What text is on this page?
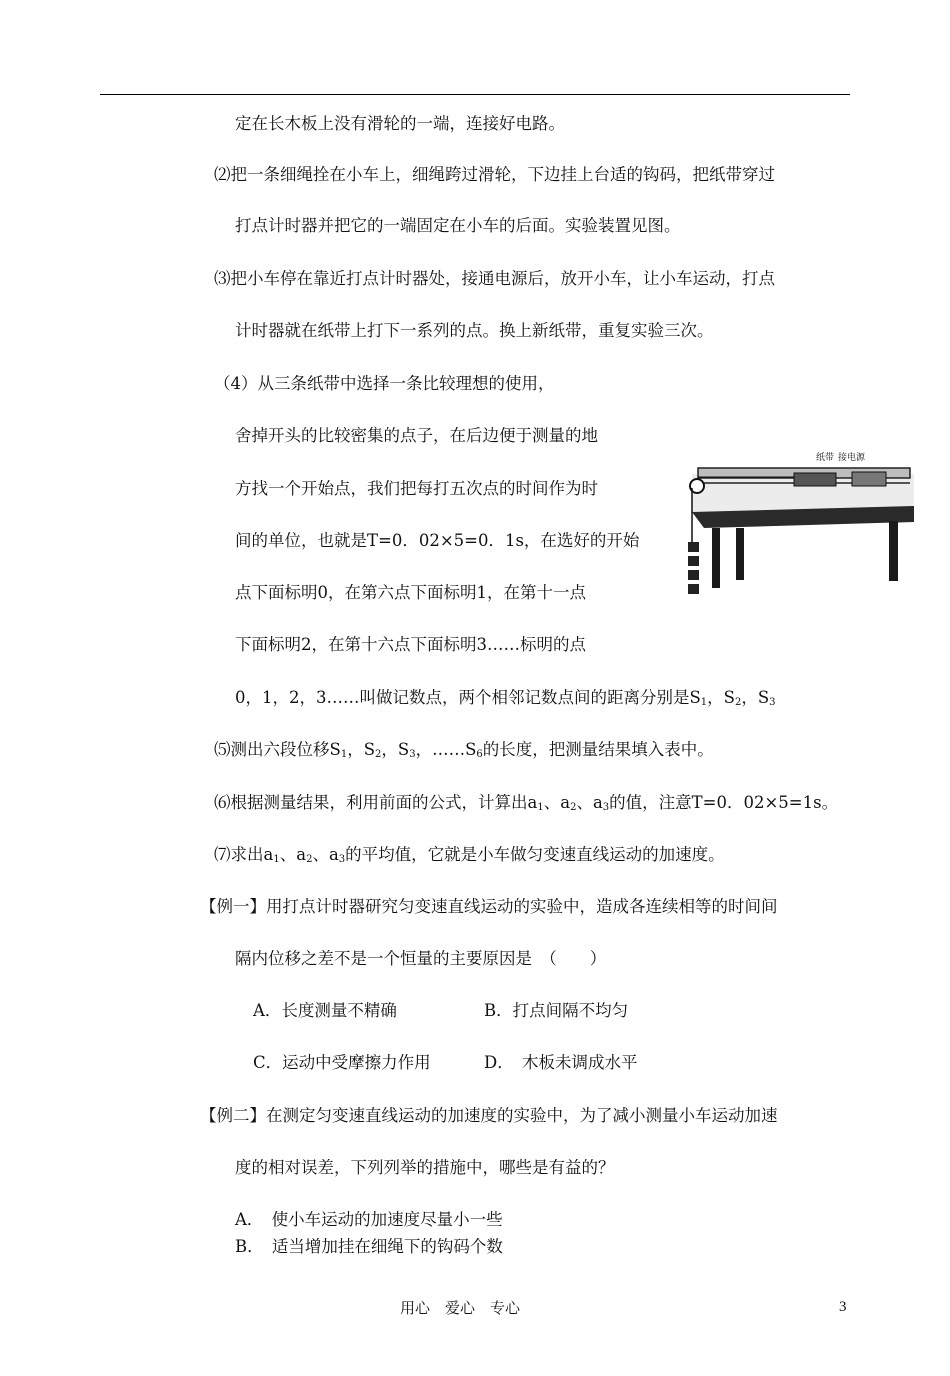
定在长木板上没有滑轮的一端，连接好电路。
⑵把一条细绳拴在小车上，细绳跨过滑轮，下边挂上台适的钩码，把纸带穿过
打点计时器并把它的一端固定在小车的后面。实验装置见图。
⑶把小车停在靠近打点计时器处，接通电源后，放开小车，让小车运动，打点
计时器就在纸带上打下一系列的点。换上新纸带，重复实验三次。
（4）从三条纸带中选择一条比较理想的使用，
舍掉开头的比较密集的点子，在后边便于测量的地
方找一个开始点，我们把每打五次点的时间作为时
间的单位，也就是T=0．02×5=0．1s，在选好的开始
点下面标明0，在第六点下面标明1，在第十一点
下面标明2，在第十六点下面标明3……标明的点
0，1，2，3……叫做记数点，两个相邻记数点间的距离分别是$S_1$，$S_2$，$S_3$
⑸测出六段位移$S_1$，$S_2$，$S_3$，$\dots\dots S_6$的长度，把测量结果填入表中。
⑹根据测量结果，利用前面的公式，计算出$a_1$、$a_2$、$a_3$的值，注意T=0．02×5=1s。
⑺求出$a_1$、$a_2$、$a_3$的平均值，它就是小车做匀变速直线运动的加速度。
【例一】用打点计时器研究匀变速直线运动的实验中，造成各连续相等的时间间
隔内位移之差不是一个恒量的主要原因是　（　　）
A．长度测量不精确	B．打点间隔不均匀
C．运动中受摩擦力作用	D．　木板未调成水平
【例二】在测定匀变速直线运动的加速度的实验中，为了减小测量小车运动加速
度的相对误差，下列列举的措施中，哪些是有益的？
A．　使小车运动的加速度尽量小一些
B．　适当增加挂在细绳下的钩码个数
纸带 接电源
用心　爱心　专心	3
